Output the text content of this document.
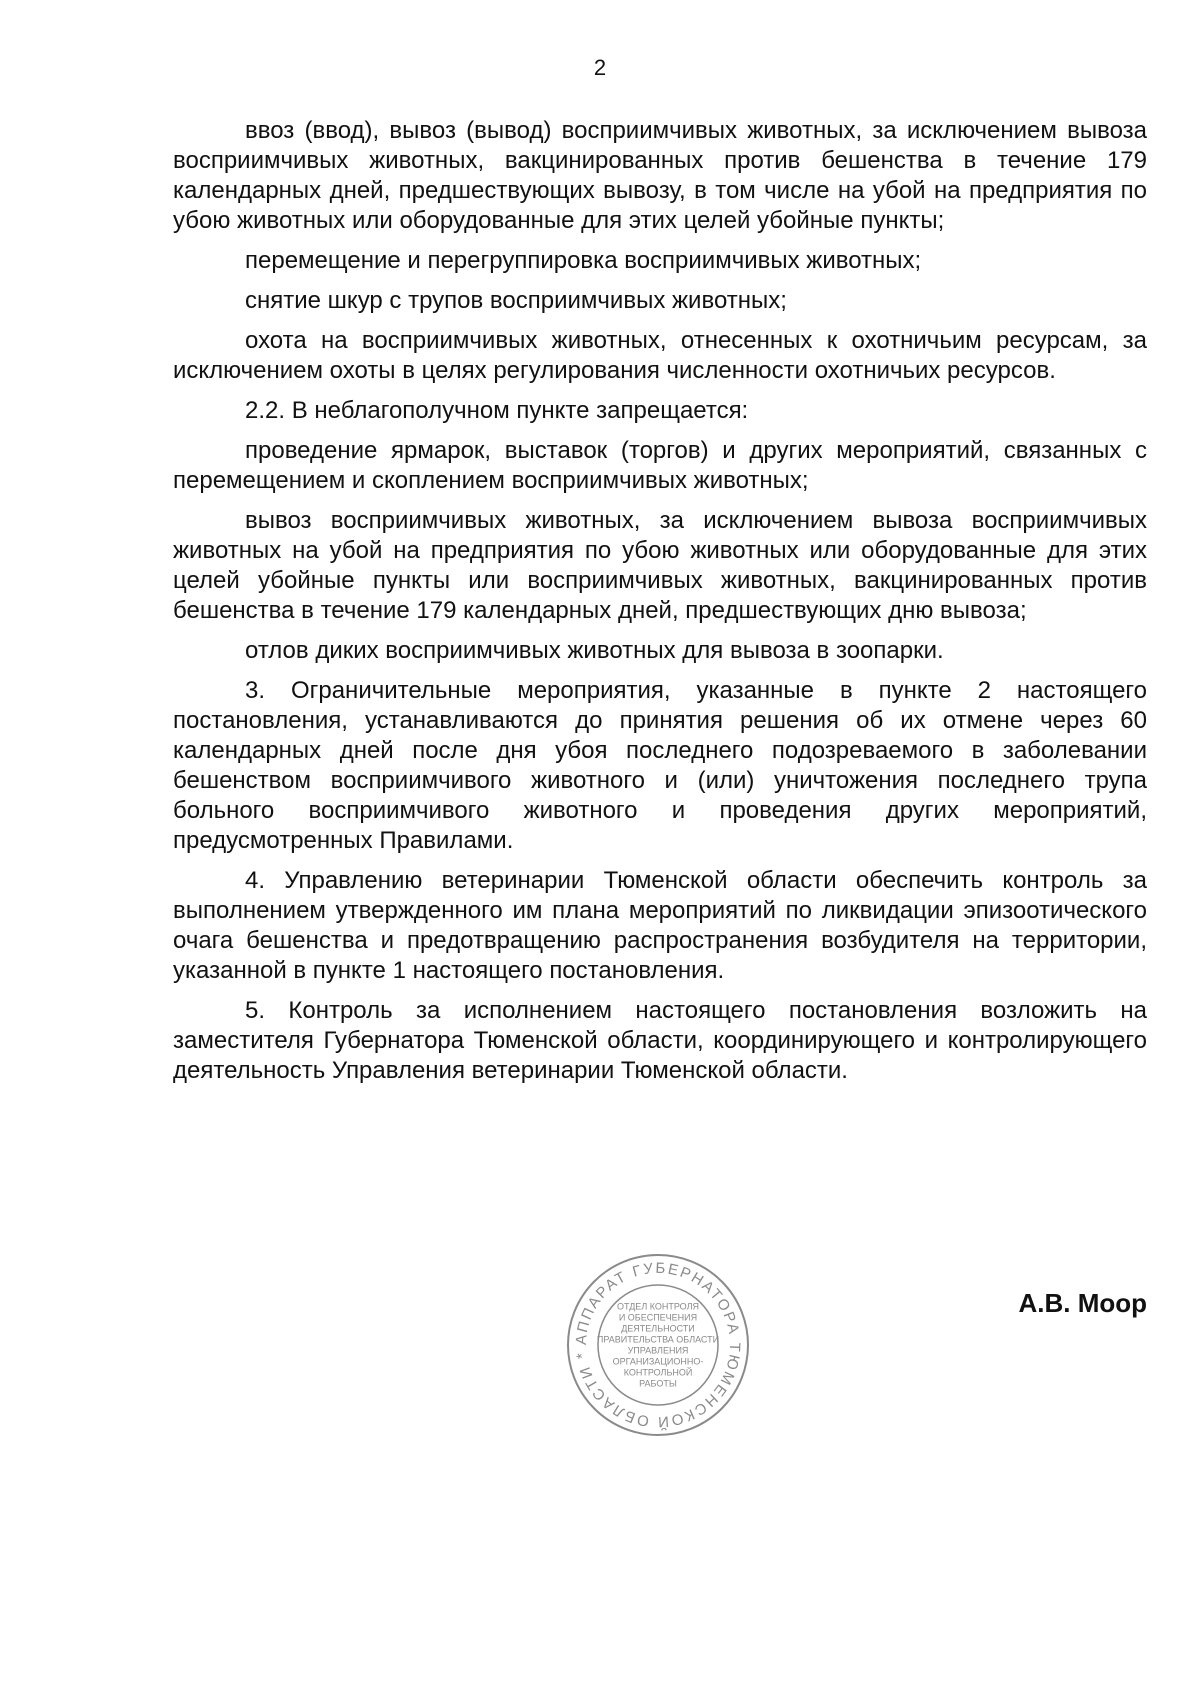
2

ввоз (ввод), вывоз (вывод) восприимчивых животных, за исключением вывоза восприимчивых животных, вакцинированных против бешенства в течение 179 календарных дней, предшествующих вывозу, в том числе на убой на предприятия по убою животных или оборудованные для этих целей убойные пункты;

перемещение и перегруппировка восприимчивых животных;

снятие шкур с трупов восприимчивых животных;

охота на восприимчивых животных, отнесенных к охотничьим ресурсам, за исключением охоты в целях регулирования численности охотничьих ресурсов.

2.2. В неблагополучном пункте запрещается:

проведение ярмарок, выставок (торгов) и других мероприятий, связанных с перемещением и скоплением восприимчивых животных;

вывоз восприимчивых животных, за исключением вывоза восприимчивых животных на убой на предприятия по убою животных или оборудованные для этих целей убойные пункты или восприимчивых животных, вакцинированных против бешенства в течение 179 календарных дней, предшествующих дню вывоза;

отлов диких восприимчивых животных для вывоза в зоопарки.

3. Ограничительные мероприятия, указанные в пункте 2 настоящего постановления, устанавливаются до принятия решения об их отмене через 60 календарных дней после дня убоя последнего подозреваемого в заболевании бешенством восприимчивого животного и (или) уничтожения последнего трупа больного восприимчивого животного и проведения других мероприятий, предусмотренных Правилами.

4. Управлению ветеринарии Тюменской области обеспечить контроль за выполнением утвержденного им плана мероприятий по ликвидации эпизоотического очага бешенства и предотвращению распространения возбудителя на территории, указанной в пункте 1 настоящего постановления.

5. Контроль за исполнением настоящего постановления возложить на заместителя Губернатора Тюменской области, координирующего и контролирующего деятельность Управления ветеринарии Тюменской области.

АППАРАТ ГУБЕРНАТОРА ТЮМЕНСКОЙ ОБЛАСТИ *
ОТДЕЛ КОНТРОЛЯ
И ОБЕСПЕЧЕНИЯ
ДЕЯТЕЛЬНОСТИ
ПРАВИТЕЛЬСТВА ОБЛАСТИ
УПРАВЛЕНИЯ
ОРГАНИЗАЦИОННО-
КОНТРОЛЬНОЙ
РАБОТЫ
А.В. Моор
